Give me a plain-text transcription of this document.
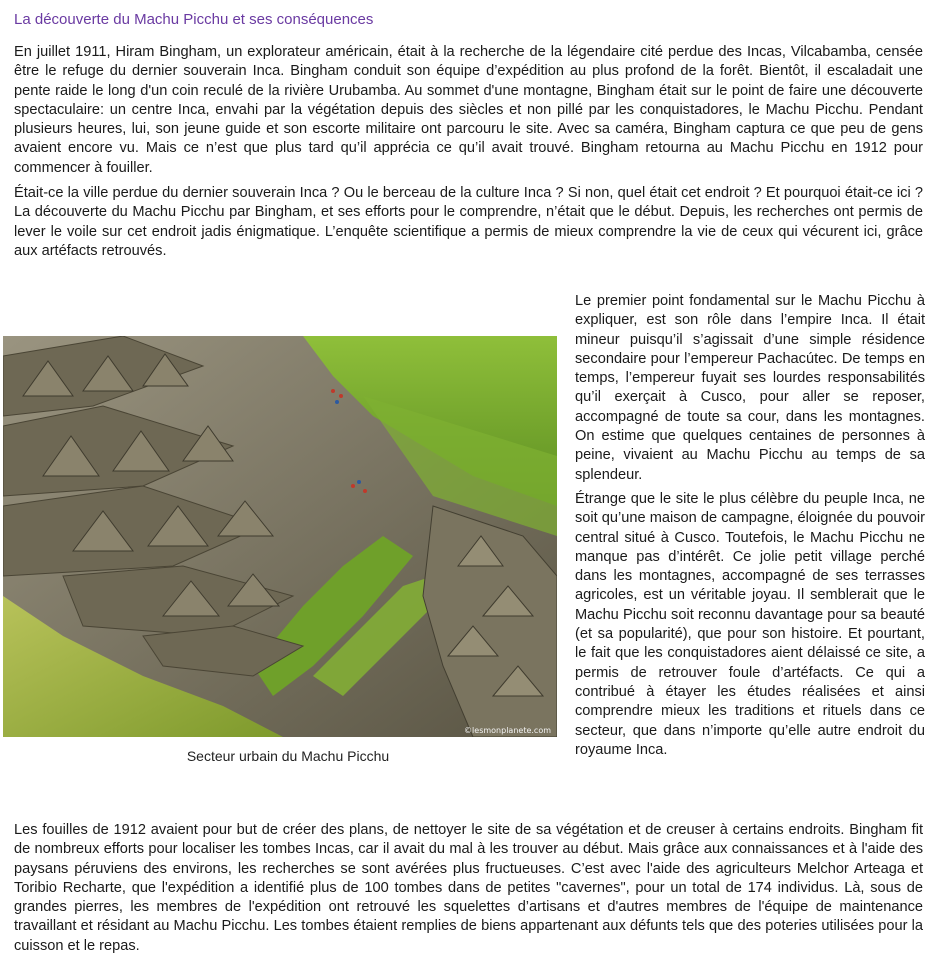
La découverte du Machu Picchu et ses conséquences

En juillet 1911, Hiram Bingham, un explorateur américain, était à la recherche de la légendaire cité perdue des Incas, Vilcabamba, censée être le refuge du dernier souverain Inca. Bingham conduit son équipe d’expédition au plus profond de la forêt. Bientôt, il escaladait une pente raide le long d'un coin reculé de la rivière Urubamba. Au sommet d'une montagne, Bingham était sur le point de faire une découverte spectaculaire: un centre Inca, envahi par la végétation depuis des siècles et non pillé par les conquistadores, le Machu Picchu. Pendant plusieurs heures, lui, son jeune guide et son escorte militaire ont parcouru le site. Avec sa caméra, Bingham captura ce que peu de gens avaient encore vu. Mais ce n’est que plus tard qu’il apprécia ce qu’il avait trouvé. Bingham retourna au Machu Picchu en 1912 pour commencer à fouiller.

Était-ce la ville perdue du dernier souverain Inca ? Ou le berceau de la culture Inca ? Si non, quel était cet endroit ? Et pourquoi était-ce ici ? La découverte du Machu Picchu par Bingham, et ses efforts pour le comprendre, n’était que le début. Depuis, les recherches ont permis de lever le voile sur cet endroit jadis énigmatique. L’enquête scientifique a permis de mieux comprendre la vie de ceux qui vécurent ici, grâce aux artéfacts retrouvés.

©lesmonplanete.com
Secteur urbain du Machu Picchu

Le premier point fondamental sur le Machu Picchu à expliquer, est son rôle dans l’empire Inca. Il était mineur puisqu’il s’agissait d’une simple résidence secondaire pour l’empereur Pachacútec. De temps en temps, l’empereur fuyait ses lourdes responsabilités qu’il exerçait à Cusco, pour aller se reposer, accompagné de toute sa cour, dans les montagnes. On estime que quelques centaines de personnes à peine, vivaient au Machu Picchu au temps de sa splendeur.

Étrange que le site le plus célèbre du peuple Inca, ne soit qu’une maison de campagne, éloignée du pouvoir central situé à Cusco. Toutefois, le Machu Picchu ne manque pas d’intérêt. Ce jolie petit village perché dans les montagnes, accompagné de ses terrasses agricoles, est un véritable joyau. Il semblerait que le Machu Picchu soit reconnu davantage pour sa beauté (et sa popularité), que pour son histoire. Et pourtant, le fait que les conquistadores aient délaissé ce site, a permis de retrouver foule d’artéfacts. Ce qui a contribué à étayer les études réalisées et ainsi comprendre mieux les traditions et rituels dans ce secteur, que dans n’importe qu’elle autre endroit du royaume Inca.

Les fouilles de 1912 avaient pour but de créer des plans, de nettoyer le site de sa végétation et de creuser à certains endroits. Bingham fit de nombreux efforts pour localiser les tombes Incas, car il avait du mal à les trouver au début. Mais grâce aux connaissances et à l'aide des paysans péruviens des environs, les recherches se sont avérées plus fructueuses. C’est avec l'aide des agriculteurs Melchor Arteaga et Toribio Recharte, que l'expédition a identifié plus de 100 tombes dans de petites "cavernes", pour un total de 174 individus. Là, sous de grandes pierres, les membres de l'expédition ont retrouvé les squelettes d’artisans et d'autres membres de l'équipe de maintenance travaillant et résidant au Machu Picchu. Les tombes étaient remplies de biens appartenant aux défunts tels que des poteries utilisées pour la cuisson et le repas.
